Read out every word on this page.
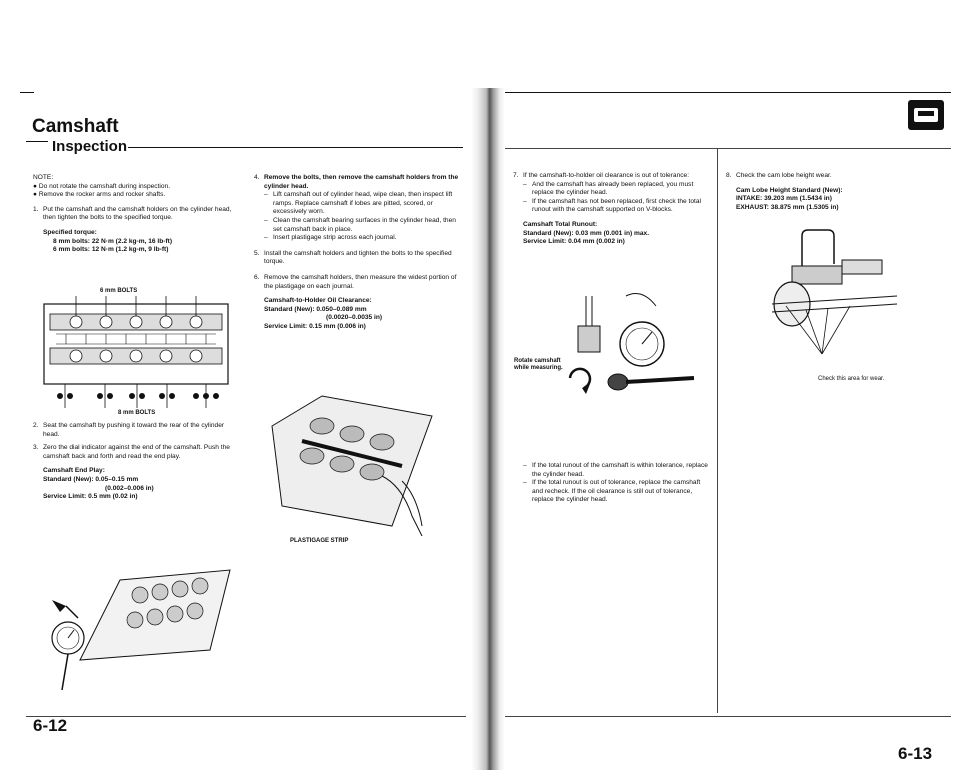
Camshaft
Inspection
NOTE:
● Do not rotate the camshaft during inspection.
● Remove the rocker arms and rocker shafts.

1. Put the camshaft and the camshaft holders on the cylinder head, then tighten the bolts to the specified torque.

Specified torque:
8 mm bolts: 22 N·m (2.2 kg-m, 16 lb-ft)
6 mm bolts: 12 N·m (1.2 kg-m, 9 lb-ft)
6 mm BOLTS
8 mm BOLTS

2. Seat the camshaft by pushing it toward the rear of the cylinder head.

3. Zero the dial indicator against the end of the camshaft. Push the camshaft back and forth and read the end play.

Camshaft End Play:
Standard (New): 0.05–0.15 mm
(0.002–0.006 in)
Service Limit: 0.5 mm (0.02 in)
6-12

4. Remove the bolts, then remove the camshaft holders from the cylinder head.

– Lift camshaft out of cylinder head, wipe clean, then inspect lift ramps. Replace camshaft if lobes are pitted, scored, or excessively worn.
– Clean the camshaft bearing surfaces in the cylinder head, then set camshaft back in place.
– Insert plastigage strip across each journal.

5. Install the camshaft holders and tighten the bolts to the specified torque.

6. Remove the camshaft holders, then measure the widest portion of the plastigage on each journal.

Camshaft-to-Holder Oil Clearance:
Standard (New): 0.050–0.089 mm
(0.0020–0.0035 in)
Service Limit: 0.15 mm (0.006 in)
PLASTIGAGE STRIP

7. If the camshaft-to-holder oil clearance is out of tolerance:

– And the camshaft has already been replaced, you must replace the cylinder head.
– If the camshaft has not been replaced, first check the total runout with the camshaft supported on V-blocks.
Camshaft Total Runout:
Standard (New): 0.03 mm (0.001 in) max.
Service Limit: 0.04 mm (0.002 in)
Rotate camshaft
while measuring.
– If the total runout of the camshaft is within tolerance, replace the cylinder head.
– If the total runout is out of tolerance, replace the camshaft and recheck. If the oil clearance is still out of tolerance, replace the cylinder head.

8. Check the cam lobe height wear.

Cam Lobe Height Standard (New):
INTAKE: 39.203 mm (1.5434 in)
EXHAUST: 38.875 mm (1.5305 in)
Check this area for wear.
6-13
